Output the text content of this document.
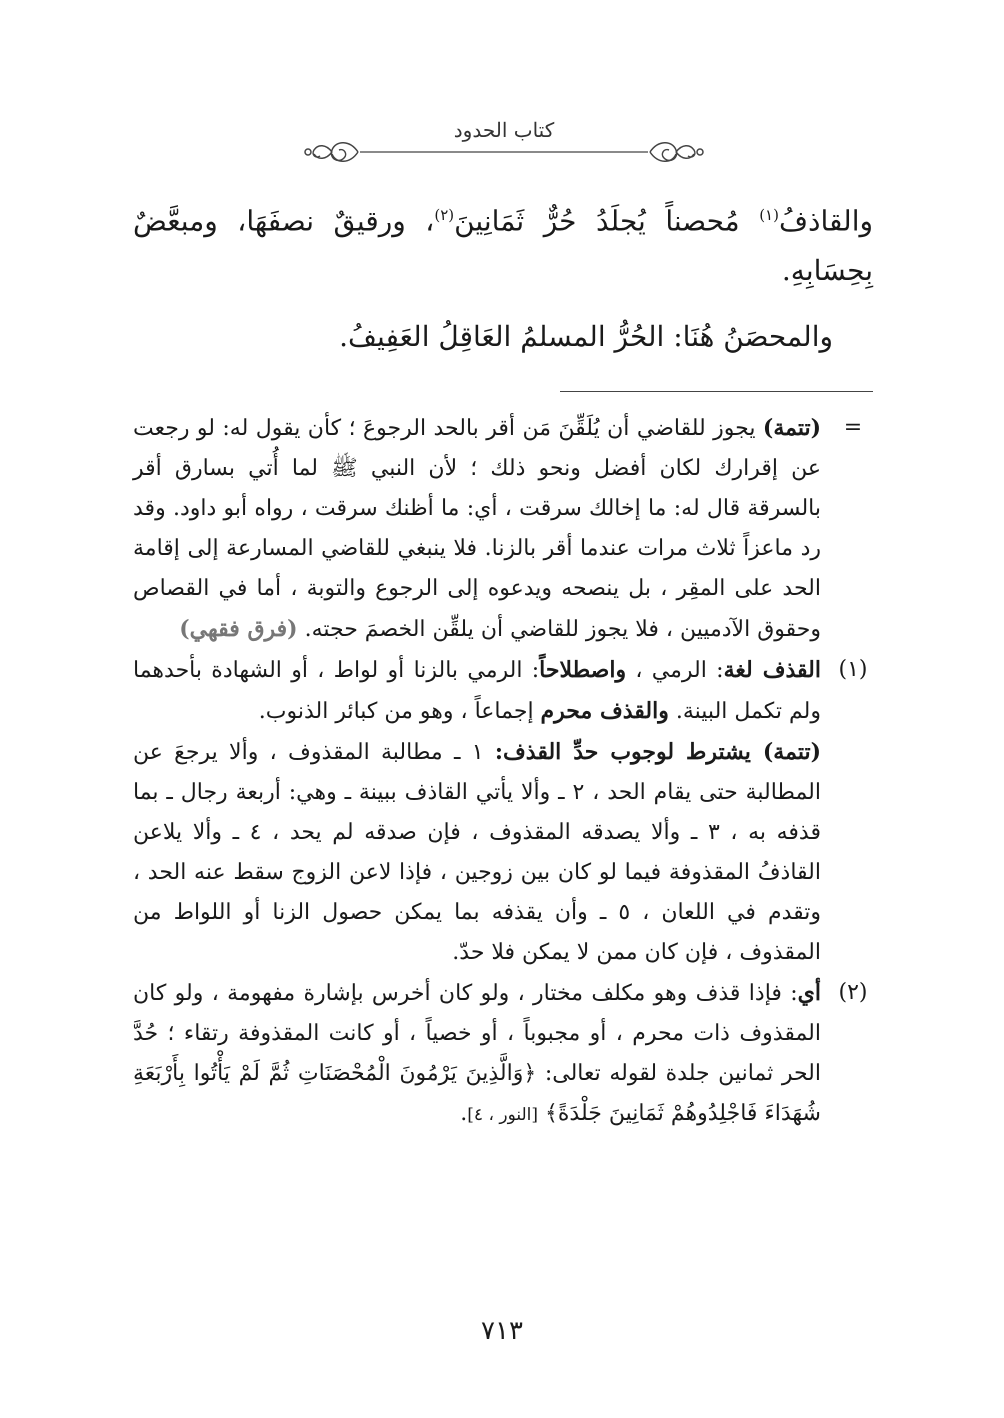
كتاب الحدود

والقاذفُ$^{(١)}$ مُحصناً يُجلَدُ حُرٌّ ثَمَانِينَ$^{(٢)}$، ورقيقٌ نصفَهَا، ومبعَّضٌ بِحِسَابِهِ.

والمحصَنُ هُنَا: الحُرُّ المسلمُ العَاقِلُ العَفِيفُ.

=

(تتمة) يجوز للقاضي أن يُلَقِّنَ مَن أقر بالحد الرجوعَ ؛ كأن يقول له: لو رجعت عن إقرارك لكان أفضل ونحو ذلك ؛ لأن النبي ﷺ لما أُتي بسارق أقر بالسرقة قال له: ما إخالك سرقت ، أي: ما أظنك سرقت ، رواه أبو داود. وقد رد ماعزاً ثلاث مرات عندما أقر بالزنا. فلا ينبغي للقاضي المسارعة إلى إقامة الحد على المقِر ، بل ينصحه ويدعوه إلى الرجوع والتوبة ، أما في القصاص وحقوق الآدميين ، فلا يجوز للقاضي أن يلقِّن الخصمَ حجته. (فرق فقهي)

(١)

القذف لغة: الرمي ، واصطلاحاً: الرمي بالزنا أو لواط ، أو الشهادة بأحدهما ولم تكمل البينة. والقذف محرم إجماعاً ، وهو من كبائر الذنوب.

(تتمة) يشترط لوجوب حدِّ القذف: ١ ـ مطالبة المقذوف ، وألا يرجعَ عن المطالبة حتى يقام الحد ، ٢ ـ وألا يأتي القاذف ببينة ـ وهي: أربعة رجال ـ بما قذفه به ، ٣ ـ وألا يصدقه المقذوف ، فإن صدقه لم يحد ، ٤ ـ وألا يلاعن القاذفُ المقذوفة فيما لو كان بين زوجين ، فإذا لاعن الزوج سقط عنه الحد ، وتقدم في اللعان ، ٥ ـ وأن يقذفه بما يمكن حصول الزنا أو اللواط من المقذوف ، فإن كان ممن لا يمكن فلا حدّ.

(٢)

أي: فإذا قذف وهو مكلف مختار ، ولو كان أخرس بإشارة مفهومة ، ولو كان المقذوف ذات محرم ، أو مجبوباً ، أو خصياً ، أو كانت المقذوفة رتقاء ؛ حُدَّ الحر ثمانين جلدة لقوله تعالى: ﴿وَالَّذِينَ يَرْمُونَ الْمُحْصَنَاتِ ثُمَّ لَمْ يَأْتُوا بِأَرْبَعَةِ شُهَدَاءَ فَاجْلِدُوهُمْ ثَمَانِينَ جَلْدَةً﴾ [النور ، ٤].

٧١٣
